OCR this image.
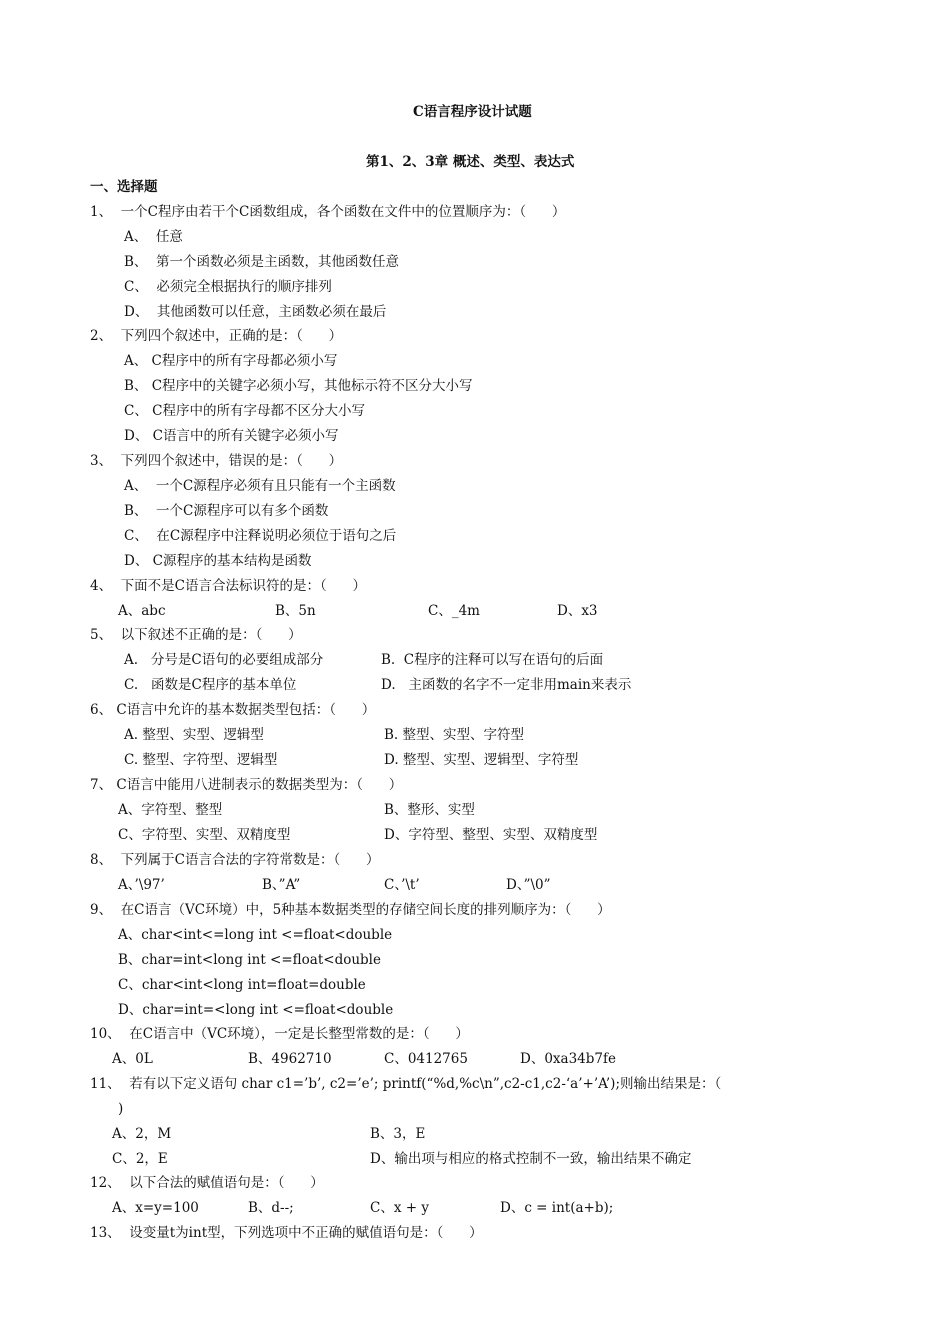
C语言程序设计试题
第1、2、3章 概述、类型、表达式
一、选择题
1、  一个C程序由若干个C函数组成，各个函数在文件中的位置顺序为：（      ）
A、  任意
B、  第一个函数必须是主函数，其他函数任意
C、  必须完全根据执行的顺序排列
D、  其他函数可以任意，主函数必须在最后
2、  下列四个叙述中，正确的是：（      ）
A、 C程序中的所有字母都必须小写
B、 C程序中的关键字必须小写，其他标示符不区分大小写
C、 C程序中的所有字母都不区分大小写
D、 C语言中的所有关键字必须小写
3、  下列四个叙述中，错误的是：（      ）
A、  一个C源程序必须有且只能有一个主函数
B、  一个C源程序可以有多个函数
C、  在C源程序中注释说明必须位于语句之后
D、 C源程序的基本结构是函数
4、  下面不是C语言合法标识符的是：（      ）
A、abc	B、5n	C、_4m	D、x3
5、  以下叙述不正确的是：（      ）
A.   分号是C语句的必要组成部分	B.  C程序的注释可以写在语句的后面
C.   函数是C程序的基本单位	D.   主函数的名字不一定非用main来表示
6、 C语言中允许的基本数据类型包括：（      ）
A. 整型、实型、逻辑型	B. 整型、实型、字符型
C. 整型、字符型、逻辑型	D. 整型、实型、逻辑型、字符型
7、 C语言中能用八进制表示的数据类型为：（      ）
A、字符型、整型	B、整形、实型
C、字符型、实型、双精度型	D、字符型、整型、实型、双精度型
8、  下列属于C语言合法的字符常数是：（      ）
A、’\97’	B、”A”	C、’\t’	D、”\0”
9、  在C语言（VC环境）中，5种基本数据类型的存储空间长度的排列顺序为：（      ）
A、char<int<=long int <=float<double
B、char=int<long int <=float<double
C、char<int<long int=float=double
D、char=int=<long int <=float<double
10、  在C语言中（VC环境），一定是长整型常数的是：（      ）
A、0L	B、4962710	C、0412765	D、0xa34b7fe
11、  若有以下定义语句 char c1=’b’, c2=’e’; printf(“%d,%c\n”,c2-c1,c2-‘a’+’A’);则输出结果是：（
)
A、2，M	B、3，E
C、2，E	D、输出项与相应的格式控制不一致，输出结果不确定
12、  以下合法的赋值语句是：（      ）
A、x=y=100	B、d--;	C、x + y	D、c = int(a+b);
13、  设变量t为int型，下列选项中不正确的赋值语句是：（      ）
